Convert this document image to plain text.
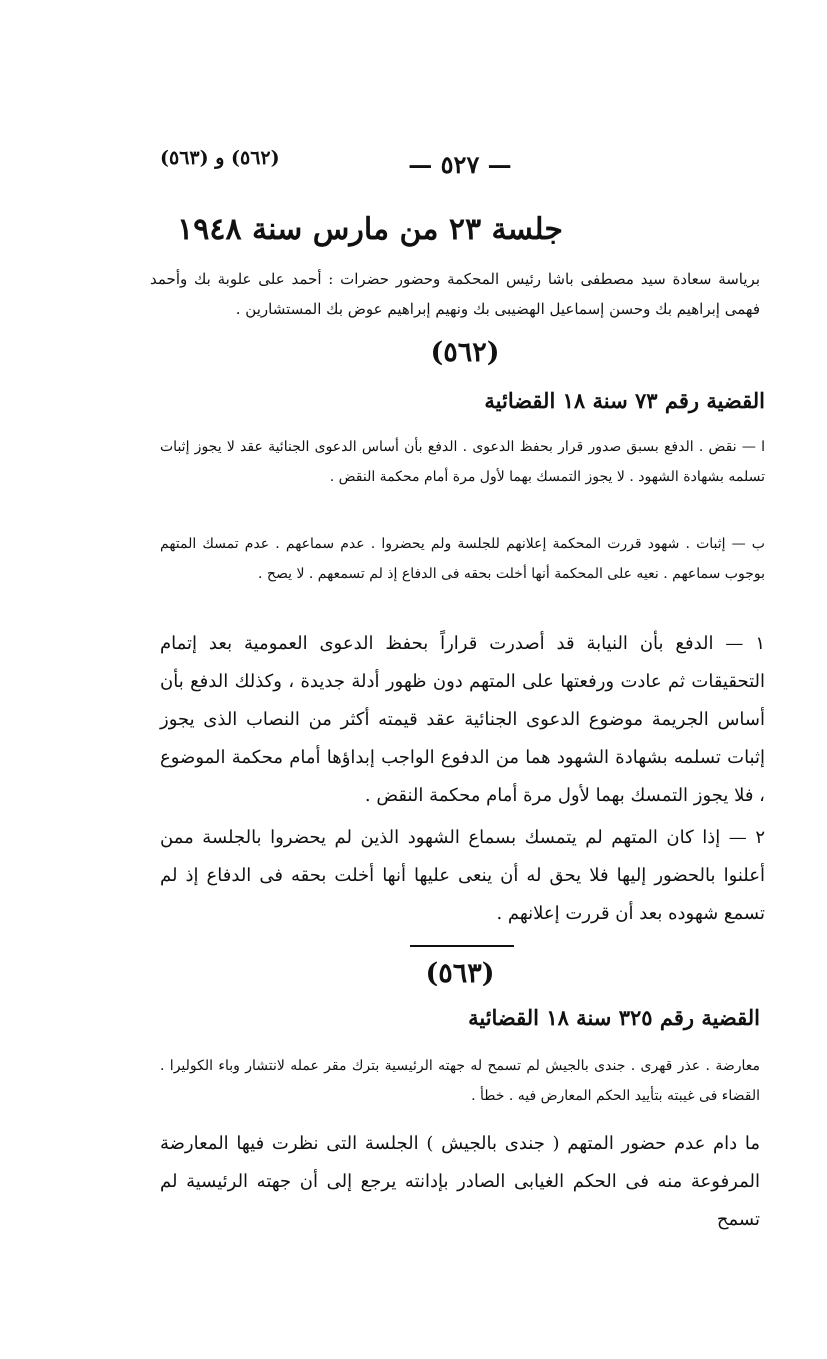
— ٥٢٧ —
(٥٦٢) و (٥٦٣)
جلسة ٢٣ من مارس سنة ١٩٤٨
برياسة سعادة سيد مصطفى باشا رئيس المحكمة وحضور حضرات : أحمد على علوبة بك وأحمد فهمى إبراهيم بك وحسن إسماعيل الهضيبى بك ونهيم إبراهيم عوض بك المستشارين .
(٥٦٢)
القضية رقم ٧٣ سنة ١٨ القضائية
ا — نقض . الدفع بسبق صدور قرار بحفظ الدعوى . الدفع بأن أساس الدعوى الجنائية عقد لا يجوز إثبات تسلمه بشهادة الشهود . لا يجوز التمسك بهما لأول مرة أمام محكمة النقض .
ب — إثبات . شهود قررت المحكمة إعلانهم للجلسة ولم يحضروا . عدم سماعهم . عدم تمسك المتهم بوجوب سماعهم . نعيه على المحكمة أنها أخلت بحقه فى الدفاع إذ لم تسمعهم . لا يصح .
١ — الدفع بأن النيابة قد أصدرت قراراً بحفظ الدعوى العمومية بعد إتمام التحقيقات ثم عادت ورفعتها على المتهم دون ظهور أدلة جديدة ، وكذلك الدفع بأن أساس الجريمة موضوع الدعوى الجنائية عقد قيمته أكثر من النصاب الذى يجوز إثبات تسلمه بشهادة الشهود هما من الدفوع الواجب إبداؤها أمام محكمة الموضوع ، فلا يجوز التمسك بهما لأول مرة أمام محكمة النقض .
٢ — إذا كان المتهم لم يتمسك بسماع الشهود الذين لم يحضروا بالجلسة ممن أعلنوا بالحضور إليها فلا يحق له أن ينعى عليها أنها أخلت بحقه فى الدفاع إذ لم تسمع شهوده بعد أن قررت إعلانهم .
(٥٦٣)
القضية رقم ٣٢٥ سنة ١٨ القضائية
معارضة . عذر قهرى . جندى بالجيش لم تسمح له جهته الرئيسية بترك مقر عمله لانتشار وباء الكوليرا . القضاء فى غيبته بتأييد الحكم المعارض فيه . خطأ .
ما دام عدم حضور المتهم ( جندى بالجيش ) الجلسة التى نظرت فيها المعارضة المرفوعة منه فى الحكم الغيابى الصادر بإدانته يرجع إلى أن جهته الرئيسية لم تسمح
